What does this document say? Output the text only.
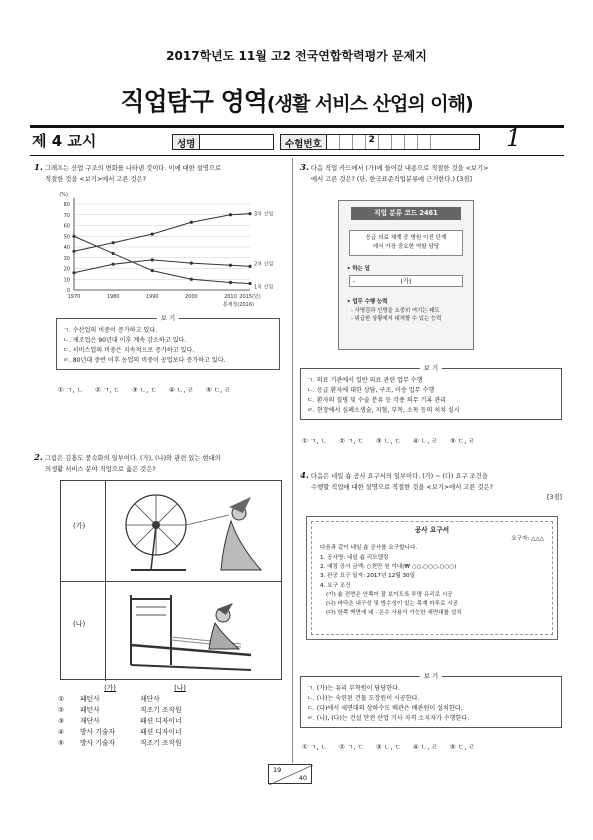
2017학년도 11월 고2 전국연합학력평가 문제지
직업탐구 영역(생활 서비스 산업의 이해)
제 4 교시	성명	수험번호	2	1
1. 그래프는 산업 구조의 변화를 나타낸 것이다. 이에 대한 설명으로
적절한 것을 <보기>에서 고른 것은?
0
10
20
30
40
50
60
70
80
(%)
1970	1980	1990	2000	2010 2015(년)
통계청(2016)
3차 산업
2차 산업
1차 산업
보 기
ㄱ. 수산업의 비중이 증가하고 있다.
ㄴ. 제조업은 90년대 이후 계속 감소하고 있다.
ㄷ. 서비스업의 비중은 지속적으로 증가하고 있다.
ㄹ. 80년대 중반 이후 농업의 비중이 공업보다 증가하고 있다.
① ㄱ, ㄴ ② ㄱ, ㄷ ③ ㄴ, ㄷ ④ ㄴ, ㄹ ⑤ ㄷ, ㄹ
2. 그림은 김홍도 풍속화의 일부이다. (가), (나)와 관련 있는 현대의
의생활 서비스 분야 직업으로 옳은 것은?
(가)
(나)
(가)	(나)
①	패턴사	재단사
②	패턴사	직조기 조작원
③	재단사	패션 디자이너
④	방사 기술자	패션 디자이너
⑤	방사 기술자	직조기 조작원
3. 다음 직업 카드에서 (가)에 들어갈 내용으로 적절한 것을 <보기>
에서 고른 것은? (단, 한국표준직업분류에 근거한다.) [3점]
직업 분류 코드 2461
응급 의료 체계 중 병원 이전 단계
에서 가장 중요한 역할 담당
• 하는 일
-	(가)
• 업무 수행 능력
- 사명감과 인명을 소중히 여기는 태도
- 위급한 상황에서 대처할 수 있는 능력
보 기
ㄱ. 의료 기관에서 일반 의료 관련 업무 수행
ㄴ. 응급 환자에 대한 상담, 구조, 이송 업무 수행
ㄷ. 환자의 질병 및 수술 분류 등 각종 의무 기록 관리
ㄹ. 현장에서 심폐소생술, 지혈, 부목, 소독 등의 처치 실시
① ㄱ, ㄴ ② ㄱ, ㄷ ③ ㄴ, ㄷ ④ ㄴ, ㄹ ⑤ ㄷ, ㄹ
4. 다음은 네일 숍 공사 요구서의 일부이다. (가) ~ (다) 요구 조건을
수행할 직업에 대한 설명으로 적절한 것을 <보기>에서 고른 것은?
[3점]
공사 요구서
요구자: △△△
다음과 같이 네일 숍 공사를 요구합니다.
1. 공사명: 네일 숍 리모델링
2. 예정 공사 금액: ○천만 원 이내(₩ ○○,○○○,○○○)
3. 완공 요구 일자: 2017년 12월 30일
4. 요구 조건
(가) 숍 전면은 안쪽이 잘 보이도록 투명 유리로 시공
(나) 바닥은 내구성 및 방수성이 있는 목재 마루로 시공
(다) 한쪽 벽면에 네 · 온수 사용이 가능한 세면대를 설치
보 기
ㄱ. (가)는 유리 부착원이 담당한다.
ㄴ. (나)는 숙련된 건물 도장원이 시공한다.
ㄷ. (다)에서 세면대의 상하수도 배관은 배관원이 설치한다.
ㄹ. (나), (다)는 건설 안전 산업 기사 자격 소지자가 수행한다.
① ㄱ, ㄴ ② ㄱ, ㄷ ③ ㄴ, ㄷ ④ ㄴ, ㄹ ⑤ ㄷ, ㄹ
19
40
